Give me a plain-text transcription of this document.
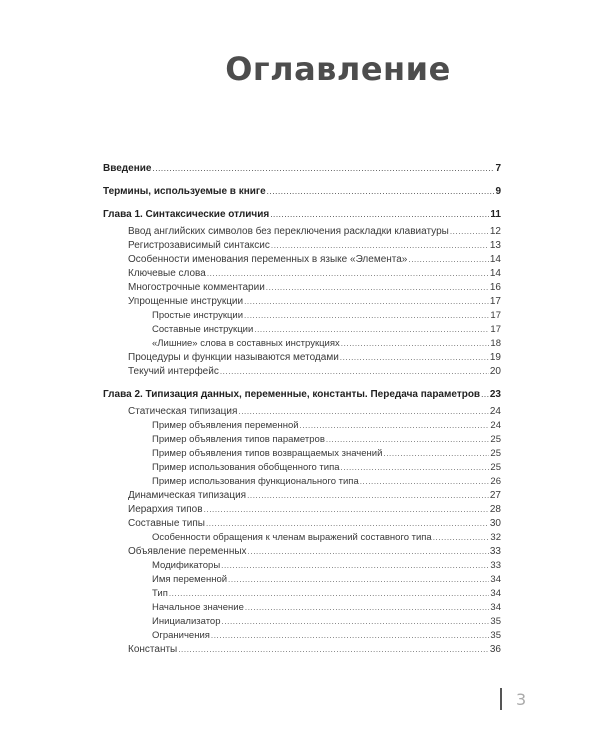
Оглавление
Введение .....	7
Термины, используемые в книге .....	9
Глава 1. Синтаксические отличия .....	11
Ввод английских символов без переключения раскладки клавиатуры .....	12
Регистрозависимый синтаксис .....	13
Особенности именования переменных в языке «Элемента» .....	14
Ключевые слова .....	14
Многострочные комментарии .....	16
Упрощенные инструкции .....	17
Простые инструкции .....	17
Составные инструкции .....	17
«Лишние» слова в составных инструкциях .....	18
Процедуры и функции называются методами .....	19
Текучий интерфейс .....	20
Глава 2. Типизация данных, переменные, константы. Передача параметров ..... 23
Статическая типизация .....	24
Пример объявления переменной .....	24
Пример объявления типов параметров .....	25
Пример объявления типов возвращаемых значений .....	25
Пример использования обобщенного типа .....	25
Пример использования функционального типа .....	26
Динамическая типизация .....	27
Иерархия типов .....	28
Составные типы .....	30
Особенности обращения к членам выражений составного типа .....	32
Объявление переменных .....	33
Модификаторы .....	33
Имя переменной .....	34
Тип .....	34
Начальное значение .....	34
Инициализатор .....	35
Ограничения .....	35
Константы .....	36
3
